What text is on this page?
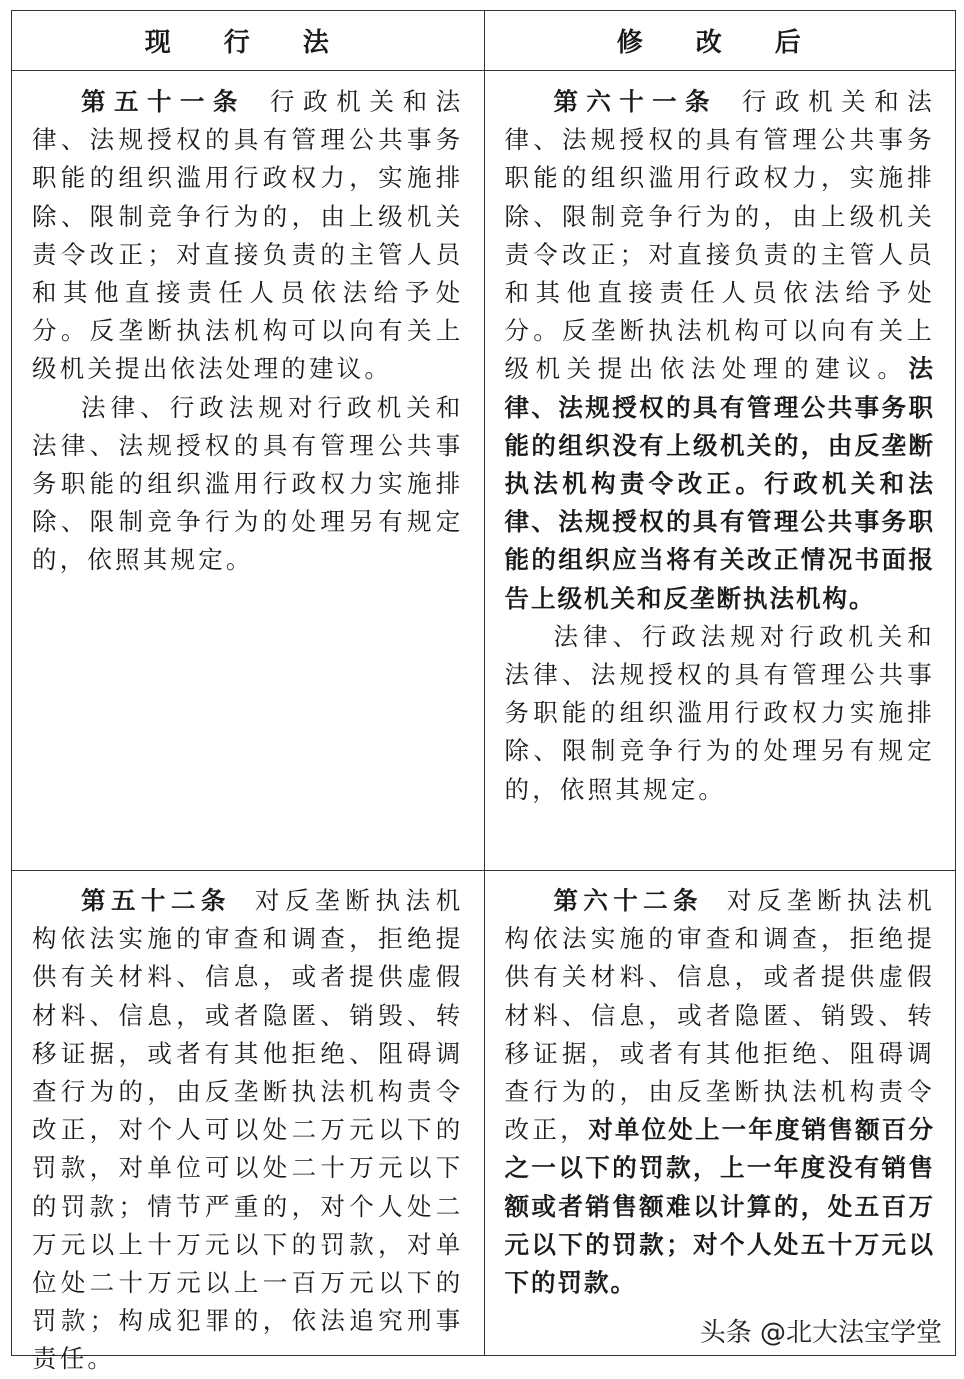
现 行 法	修 改 后

第五十一条 行政机关和法律、法规授权的具有管理公共事务职能的组织滥用行政权力，实施排除、限制竞争行为的，由上级机关责令改正；对直接负责的主管人员和其他直接责任人员依法给予处分。反垄断执法机构可以向有关上级机关提出依法处理的建议。

法律、行政法规对行政机关和法律、法规授权的具有管理公共事务职能的组织滥用行政权力实施排除、限制竞争行为的处理另有规定的，依照其规定。

第六十一条 行政机关和法律、法规授权的具有管理公共事务职能的组织滥用行政权力，实施排除、限制竞争行为的，由上级机关责令改正；对直接负责的主管人员和其他直接责任人员依法给予处分。反垄断执法机构可以向有关上级机关提出依法处理的建议。法律、法规授权的具有管理公共事务职能的组织没有上级机关的，由反垄断执法机构责令改正。行政机关和法律、法规授权的具有管理公共事务职能的组织应当将有关改正情况书面报告上级机关和反垄断执法机构。

法律、行政法规对行政机关和法律、法规授权的具有管理公共事务职能的组织滥用行政权力实施排除、限制竞争行为的处理另有规定的，依照其规定。

第五十二条 对反垄断执法机构依法实施的审查和调查，拒绝提供有关材料、信息，或者提供虚假材料、信息，或者隐匿、销毁、转移证据，或者有其他拒绝、阻碍调查行为的，由反垄断执法机构责令改正，对个人可以处二万元以下的罚款，对单位可以处二十万元以下的罚款；情节严重的，对个人处二万元以上十万元以下的罚款，对单位处二十万元以上一百万元以下的罚款；构成犯罪的，依法追究刑事责任。

第六十二条 对反垄断执法机构依法实施的审查和调查，拒绝提供有关材料、信息，或者提供虚假材料、信息，或者隐匿、销毁、转移证据，或者有其他拒绝、阻碍调查行为的，由反垄断执法机构责令改正，对单位处上一年度销售额百分之一以下的罚款，上一年度没有销售额或者销售额难以计算的，处五百万元以下的罚款；对个人处五十万元以下的罚款。

头条 @北大法宝学堂
